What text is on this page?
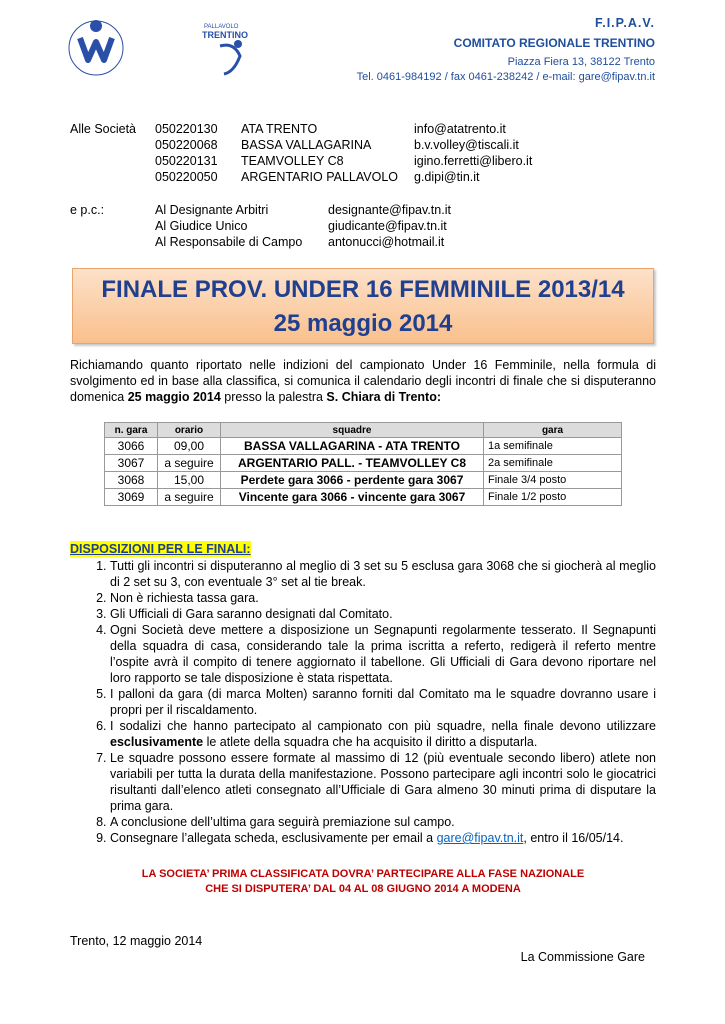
PALLAVOLO
TRENTINO
F.I.P.A.V.
COMITATO REGIONALE TRENTINO
Piazza Fiera 13, 38122 Trento
Tel. 0461-984192 / fax 0461-238242 / e-mail: gare@fipav.tn.it
Alle Società 050220130 ATA TRENTO	info@atatrento.it
050220068 BASSA VALLAGARINA	b.v.volley@tiscali.it
050220131 TEAMVOLLEY C8	igino.ferretti@libero.it
050220050 ARGENTARIO PALLAVOLO g.dipi@tin.it
e p.c.:	Al Designante Arbitri	designante@fipav.tn.it
Al Giudice Unico	giudicante@fipav.tn.it
Al Responsabile di Campo antonucci@hotmail.it
FINALE PROV. UNDER 16 FEMMINILE 2013/14
25 maggio 2014
Richiamando quanto riportato nelle indizioni del campionato Under 16 Femminile, nella formula di svolgimento ed in base alla classifica, si comunica il calendario degli incontri di finale che si disputeranno domenica 25 maggio 2014 presso la palestra S. Chiara di Trento:
n. gara	orario	squadre	gara
3066	09,00	BASSA VALLAGARINA - ATA TRENTO	1a semifinale
3067	a seguire	ARGENTARIO PALL. - TEAMVOLLEY C8	2a semifinale
3068	15,00	Perdete gara 3066 - perdente gara 3067	Finale 3/4 posto
3069	a seguire	Vincente gara 3066 - vincente gara 3067	Finale 1/2 posto
DISPOSIZIONI PER LE FINALI:
1. Tutti gli incontri si disputeranno al meglio di 3 set su 5 esclusa gara 3068 che si giocherà al meglio di 2 set su 3, con eventuale 3° set al tie break.
2. Non è richiesta tassa gara.
3. Gli Ufficiali di Gara saranno designati dal Comitato.
4. Ogni Società deve mettere a disposizione un Segnapunti regolarmente tesserato. Il Segnapunti della squadra di casa, considerando tale la prima iscritta a referto, redigerà il referto mentre l’ospite avrà il compito di tenere aggiornato il tabellone. Gli Ufficiali di Gara devono riportare nel loro rapporto se tale disposizione è stata rispettata.
5. I palloni da gara (di marca Molten) saranno forniti dal Comitato ma le squadre dovranno usare i propri per il riscaldamento.
6. I sodalizi che hanno partecipato al campionato con più squadre, nella finale devono utilizzare esclusivamente le atlete della squadra che ha acquisito il diritto a disputarla.
7. Le squadre possono essere formate al massimo di 12 (più eventuale secondo libero) atlete non variabili per tutta la durata della manifestazione. Possono partecipare agli incontri solo le giocatrici risultanti dall’elenco atleti consegnato all’Ufficiale di Gara almeno 30 minuti prima di disputare la prima gara.
8. A conclusione dell’ultima gara seguirà premiazione sul campo.
9. Consegnare l’allegata scheda, esclusivamente per email a gare@fipav.tn.it, entro il 16/05/14.
LA SOCIETA’ PRIMA CLASSIFICATA DOVRA’ PARTECIPARE ALLA FASE NAZIONALE
CHE SI DISPUTERA’ DAL 04 AL 08 GIUGNO 2014 A MODENA
Trento, 12 maggio 2014
La Commissione Gare
